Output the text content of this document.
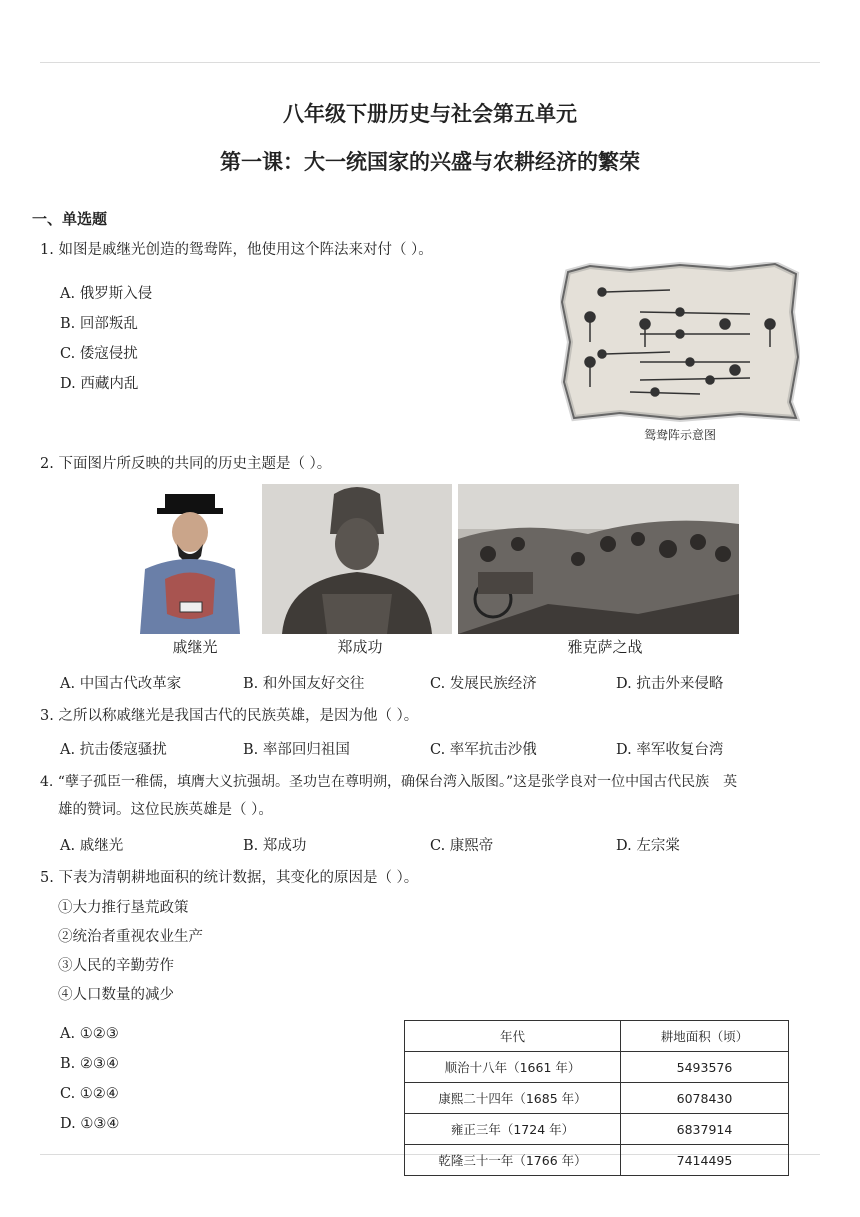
八年级下册历史与社会第五单元
第一课：大一统国家的兴盛与农耕经济的繁荣
一、单选题
1. 如图是戚继光创造的鸳鸯阵，他使用这个阵法来对付（ ）。
A. 俄罗斯入侵
B. 回部叛乱
C. 倭寇侵扰
D. 西藏内乱
鸳鸯阵示意图
2. 下面图片所反映的共同的历史主题是（ ）。
戚继光	郑成功	雅克萨之战
A. 中国古代改革家	B. 和外国友好交往	C. 发展民族经济	D. 抗击外来侵略
3. 之所以称戚继光是我国古代的民族英雄，是因为他（ ）。
A. 抗击倭寇骚扰	B. 率部回归祖国	C. 率军抗击沙俄	D. 率军收复台湾
4. “孽子孤臣一稚儒，填膺大义抗强胡。圣功岂在尊明朔，确保台湾入版图。”这是张学良对一位中国古代民族　英
雄的赞词。这位民族英雄是（ ）。
A. 戚继光	B. 郑成功	C. 康熙帝	D. 左宗棠
5. 下表为清朝耕地面积的统计数据，其变化的原因是（ ）。
①大力推行垦荒政策
②统治者重视农业生产
③人民的辛勤劳作
④人口数量的减少
A. ①②③
B. ②③④
C. ①②④
D. ①③④
年代	耕地面积（顷）
顺治十八年（1661 年）	5493576
康熙二十四年（1685 年）	6078430
雍正三年（1724 年）	6837914
乾隆三十一年（1766 年）	7414495
